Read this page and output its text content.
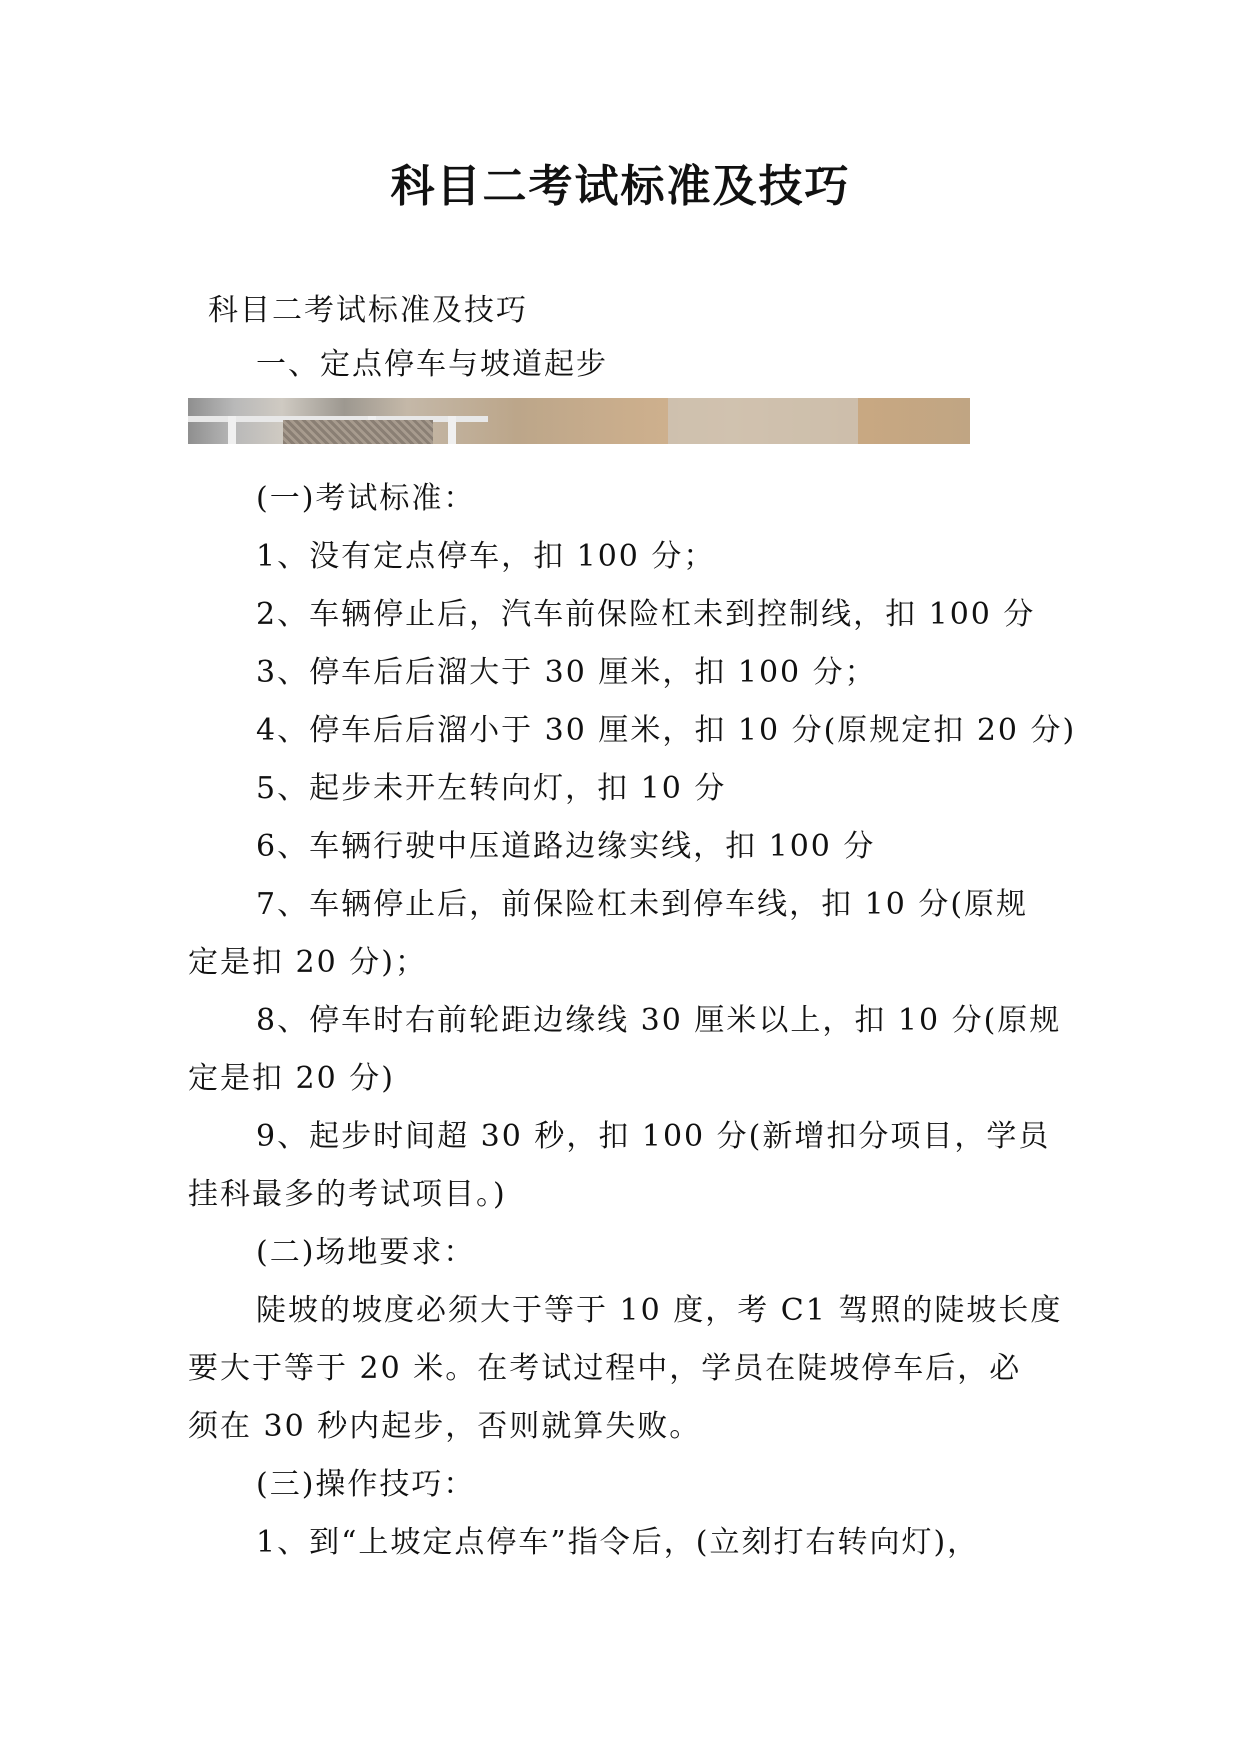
科目二考试标准及技巧

科目二考试标准及技巧

一、定点停车与坡道起步

(一)考试标准：

1、没有定点停车，扣 100 分；

2、车辆停止后，汽车前保险杠未到控制线，扣 100 分

3、停车后后溜大于 30 厘米，扣 100 分；

4、停车后后溜小于 30 厘米，扣 10 分(原规定扣 20 分)

5、起步未开左转向灯，扣 10 分

6、车辆行驶中压道路边缘实线，扣 100 分

7、车辆停止后，前保险杠未到停车线，扣 10 分(原规

定是扣 20 分)；

8、停车时右前轮距边缘线 30 厘米以上，扣 10 分(原规

定是扣 20 分)

9、起步时间超 30 秒，扣 100 分(新增扣分项目，学员

挂科最多的考试项目。)

(二)场地要求：

陡坡的坡度必须大于等于 10 度，考 C1 驾照的陡坡长度

要大于等于 20 米。在考试过程中，学员在陡坡停车后，必

须在 30 秒内起步，否则就算失败。

(三)操作技巧：

1、到“上坡定点停车”指令后，(立刻打右转向灯)，
